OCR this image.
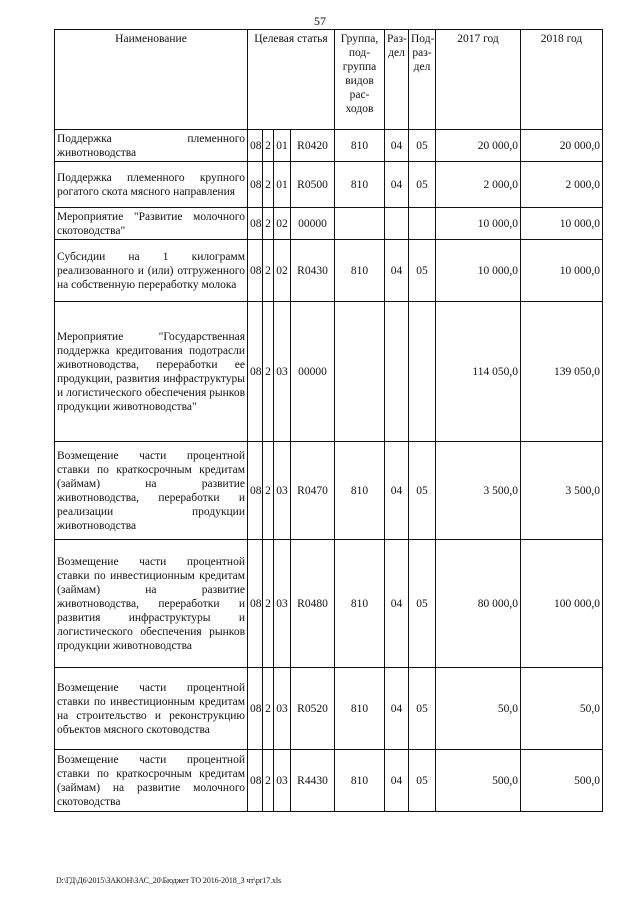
57
Наименование	Целевая статья				Группа, под-группа видов рас-ходов	Раз-дел	Под-раз-дел	2017 год	2018 год
Поддержка племенного животноводства	08	2	01	R0420	810	04	05	20 000,0	20 000,0
Поддержка племенного крупного рогатого скота мясного направления	08	2	01	R0500	810	04	05	2 000,0	2 000,0
Мероприятие "Развитие молочного скотоводства"	08	2	02	00000				10 000,0	10 000,0
Субсидии на 1 килограмм реализованного и (или) отгруженного на собственную переработку молока	08	2	02	R0430	810	04	05	10 000,0	10 000,0
Мероприятие "Государственная поддержка кредитования подотрасли животноводства, переработки ее продукции, развития инфраструктуры и логистического обеспечения рынков продукции животноводства"	08	2	03	00000				114 050,0	139 050,0
Возмещение части процентной ставки по краткосрочным кредитам (займам) на развитие животноводства, переработки и реализации продукции животноводства	08	2	03	R0470	810	04	05	3 500,0	3 500,0
Возмещение части процентной ставки по инвестиционным кредитам (займам) на развитие животноводства, переработки и развития инфраструктуры и логистического обеспечения рынков продукции животноводства	08	2	03	R0480	810	04	05	80 000,0	100 000,0
Возмещение части процентной ставки по инвестиционным кредитам на строительство и реконструкцию объектов мясного скотоводства	08	2	03	R0520	810	04	05	50,0	50,0
Возмещение части процентной ставки по краткосрочным кредитам (займам) на развитие молочного скотоводства	08	2	03	R4430	810	04	05	500,0	500,0
D:\ГД\Д6\2015\ЗАКОН\ЗАС_20\Бюджет ТО 2016-2018_3 чт\pr17.xls
